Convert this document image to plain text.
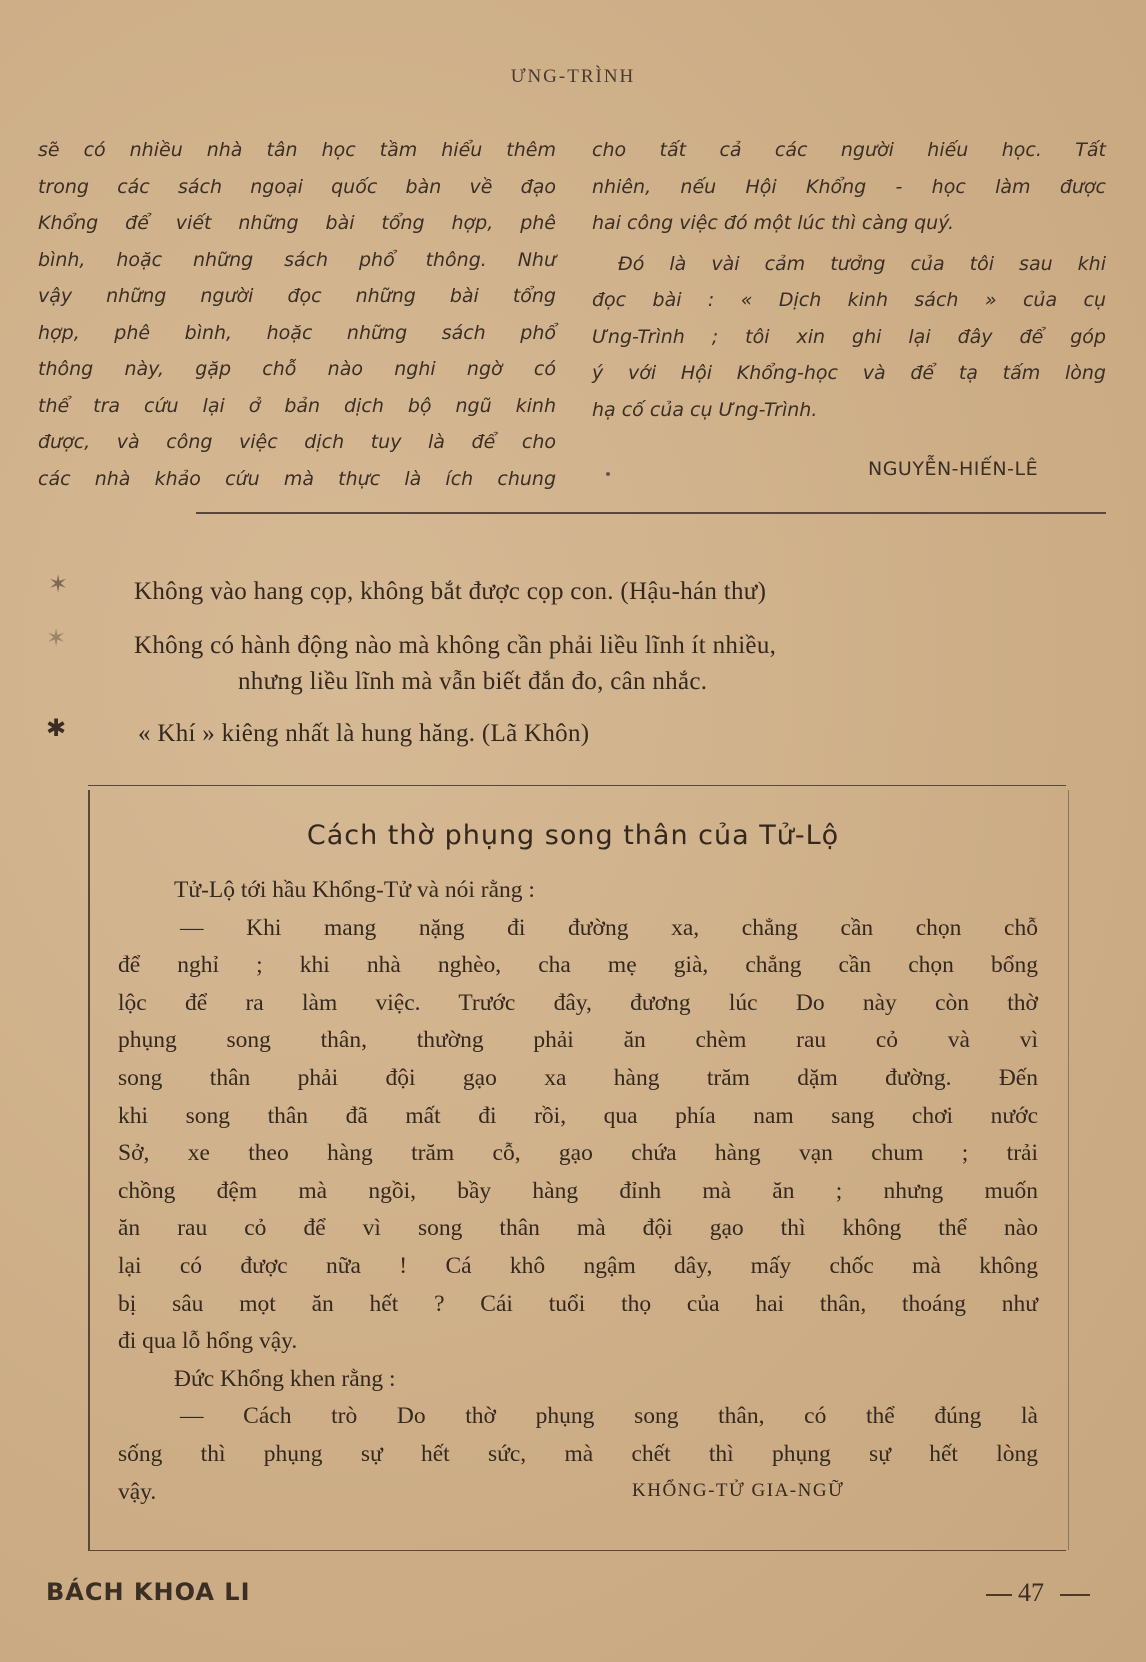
ƯNG-TRÌNH
sẽ có nhiều nhà tân học tầm hiểu thêm
trong các sách ngoại quốc bàn về đạo
Khổng để viết những bài tổng hợp, phê
bình, hoặc những sách phổ thông. Như
vậy những người đọc những bài tổng
hợp, phê bình, hoặc những sách phổ
thông này, gặp chỗ nào nghi ngờ có
thể tra cứu lại ở bản dịch bộ ngũ kinh
được, và công việc dịch tuy là để cho
các nhà khảo cứu mà thực là ích chung
cho tất cả các người hiếu học. Tất
nhiên, nếu Hội Khổng - học làm được
hai công việc đó một lúc thì càng quý.
Đó là vài cảm tưởng của tôi sau khi
đọc bài : « Dịch kinh sách » của cụ
Ưng-Trình ; tôi xin ghi lại đây để góp
ý với Hội Khổng-học và để tạ tấm lòng
hạ cố của cụ Ưng-Trình.
NGUYỄN-HIẾN-LÊ
✶
✶
✱
Không vào hang cọp, không bắt được cọp con. (Hậu-hán thư)
Không có hành động nào mà không cần phải liều lĩnh ít nhiều,
nhưng liều lĩnh mà vẫn biết đắn đo, cân nhắc.
« Khí » kiêng nhất là hung hăng. (Lã Khôn)
Cách thờ phụng song thân của Tử-Lộ
Tử-Lộ tới hầu Khổng-Tử và nói rằng :
— Khi mang nặng đi đường xa, chẳng cần chọn chỗ
để nghỉ ; khi nhà nghèo, cha mẹ già, chẳng cần chọn bổng
lộc để ra làm việc. Trước đây, đương lúc Do này còn thờ
phụng song thân, thường phải ăn chèm rau cỏ và vì
song thân phải đội gạo xa hàng trăm dặm đường. Đến
khi song thân đã mất đi rồi, qua phía nam sang chơi nước
Sở, xe theo hàng trăm cỗ, gạo chứa hàng vạn chum ; trải
chồng đệm mà ngồi, bầy hàng đỉnh mà ăn ; nhưng muốn
ăn rau cỏ để vì song thân mà đội gạo thì không thể nào
lại có được nữa ! Cá khô ngậm dây, mấy chốc mà không
bị sâu mọt ăn hết ? Cái tuổi thọ của hai thân, thoáng như
đi qua lỗ hổng vậy.
Đức Khổng khen rằng :
— Cách trò Do thờ phụng song thân, có thể đúng là
sống thì phụng sự hết sức, mà chết thì phụng sự hết lòng
vậy.	KHỔNG-TỬ GIA-NGỮ
BÁCH KHOA LI	47
